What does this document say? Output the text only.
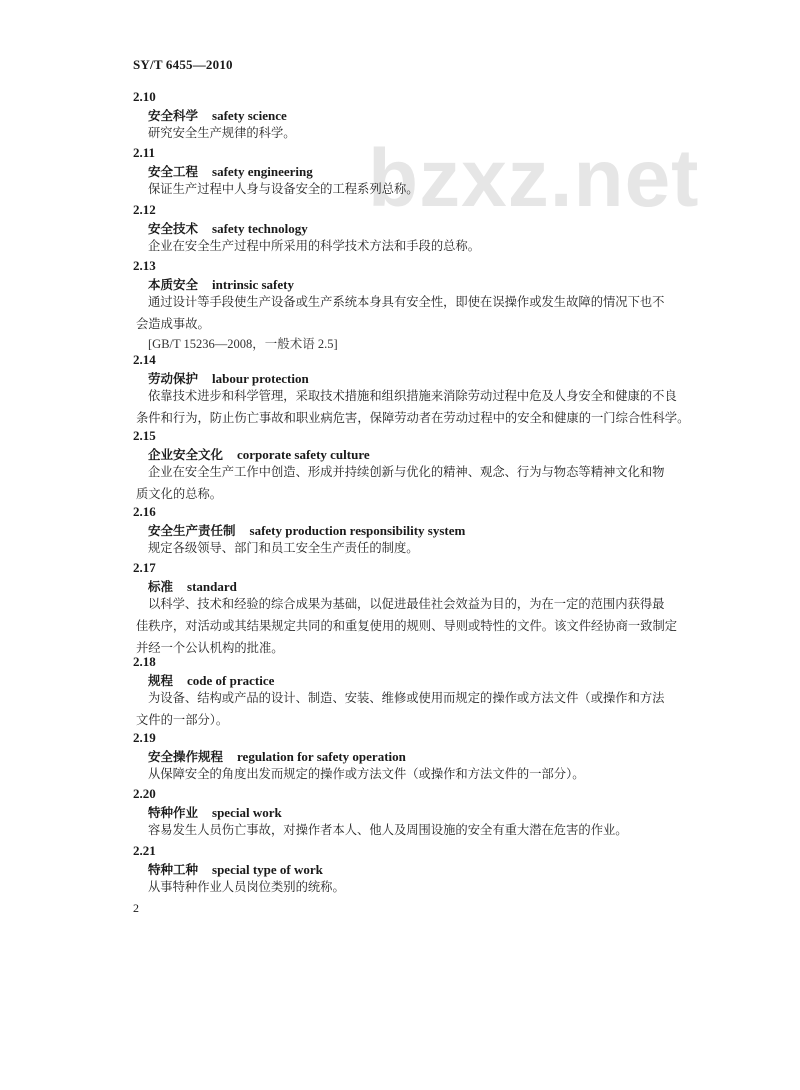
SY/T 6455—2010
bzxz.net
2.10
安全科学 safety science
研究安全生产规律的科学。
2.11
安全工程 safety engineering
保证生产过程中人身与设备安全的工程系列总称。
2.12
安全技术 safety technology
企业在安全生产过程中所采用的科学技术方法和手段的总称。
2.13
本质安全 intrinsic safety
通过设计等手段使生产设备或生产系统本身具有安全性，即使在误操作或发生故障的情况下也不
会造成事故。
[GB/T 15236—2008，一般术语 2.5]
2.14
劳动保护 labour protection
依靠技术进步和科学管理，采取技术措施和组织措施来消除劳动过程中危及人身安全和健康的不良
条件和行为，防止伤亡事故和职业病危害，保障劳动者在劳动过程中的安全和健康的一门综合性科学。
2.15
企业安全文化 corporate safety culture
企业在安全生产工作中创造、形成并持续创新与优化的精神、观念、行为与物态等精神文化和物
质文化的总称。
2.16
安全生产责任制 safety production responsibility system
规定各级领导、部门和员工安全生产责任的制度。
2.17
标准 standard
以科学、技术和经验的综合成果为基础，以促进最佳社会效益为目的，为在一定的范围内获得最
佳秩序，对活动或其结果规定共同的和重复使用的规则、导则或特性的文件。该文件经协商一致制定
并经一个公认机构的批准。
2.18
规程 code of practice
为设备、结构或产品的设计、制造、安装、维修或使用而规定的操作或方法文件（或操作和方法
文件的一部分）。
2.19
安全操作规程 regulation for safety operation
从保障安全的角度出发而规定的操作或方法文件（或操作和方法文件的一部分）。
2.20
特种作业 special work
容易发生人员伤亡事故，对操作者本人、他人及周围设施的安全有重大潜在危害的作业。
2.21
特种工种 special type of work
从事特种作业人员岗位类别的统称。
2
